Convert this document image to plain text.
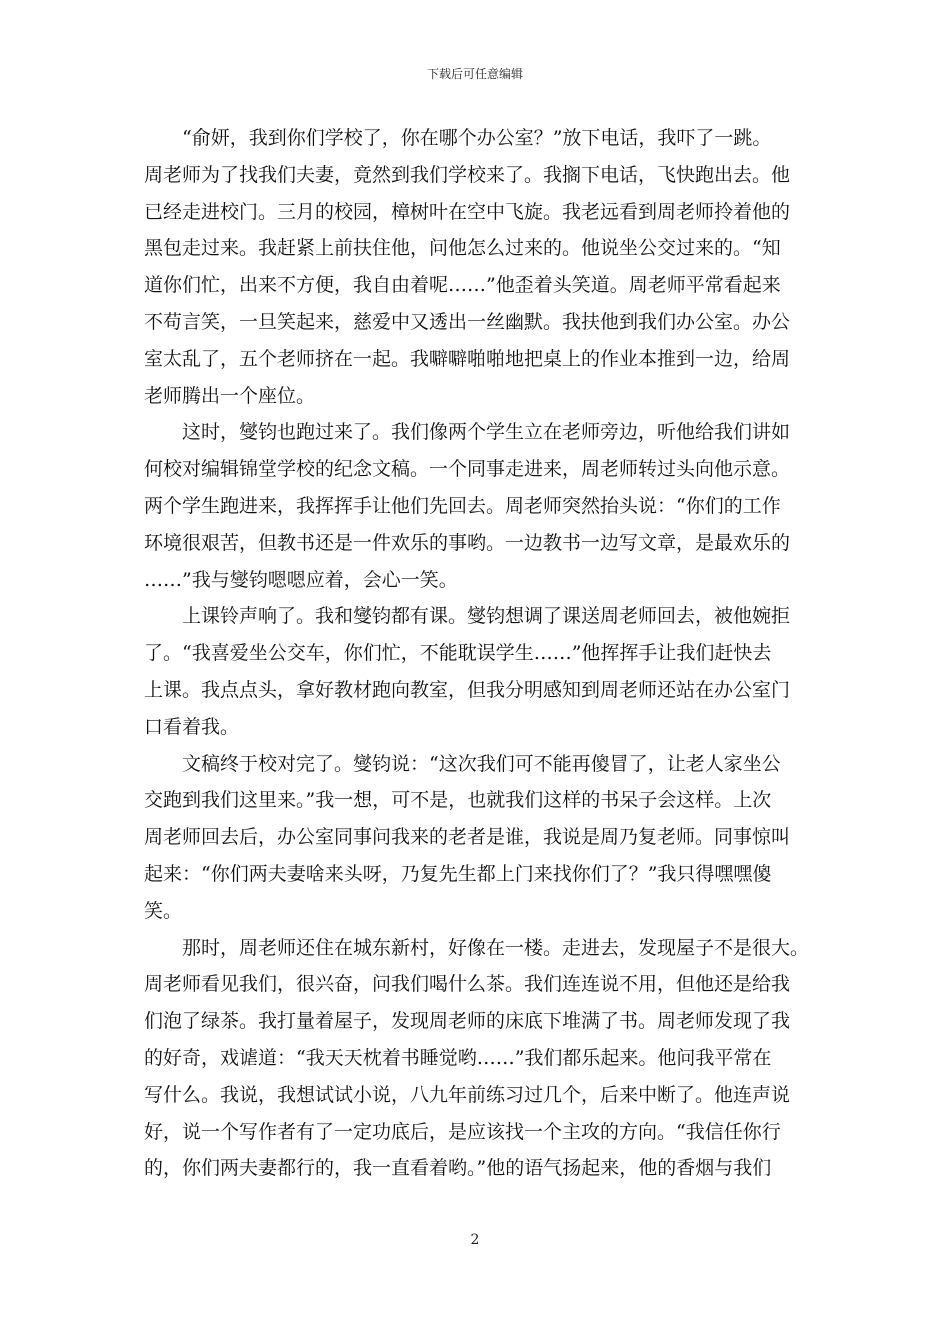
下载后可任意编辑
“俞妍，我到你们学校了，你在哪个办公室？”放下电话，我吓了一跳。
周老师为了找我们夫妻，竟然到我们学校来了。我搁下电话，飞快跑出去。他
已经走进校门。三月的校园，樟树叶在空中飞旋。我老远看到周老师拎着他的
黑包走过来。我赶紧上前扶住他，问他怎么过来的。他说坐公交过来的。“知
道你们忙，出来不方便，我自由着呢……”他歪着头笑道。周老师平常看起来
不苟言笑，一旦笑起来，慈爱中又透出一丝幽默。我扶他到我们办公室。办公
室太乱了，五个老师挤在一起。我噼噼啪啪地把桌上的作业本推到一边，给周
老师腾出一个座位。
这时，燮钧也跑过来了。我们像两个学生立在老师旁边，听他给我们讲如
何校对编辑锦堂学校的纪念文稿。一个同事走进来，周老师转过头向他示意。
两个学生跑进来，我挥挥手让他们先回去。周老师突然抬头说：“你们的工作
环境很艰苦，但教书还是一件欢乐的事哟。一边教书一边写文章，是最欢乐的
……”我与燮钧嗯嗯应着，会心一笑。
上课铃声响了。我和燮钧都有课。燮钧想调了课送周老师回去，被他婉拒
了。“我喜爱坐公交车，你们忙，不能耽误学生……”他挥挥手让我们赶快去
上课。我点点头，拿好教材跑向教室，但我分明感知到周老师还站在办公室门
口看着我。
文稿终于校对完了。燮钧说：“这次我们可不能再傻冒了，让老人家坐公
交跑到我们这里来。”我一想，可不是，也就我们这样的书呆子会这样。上次
周老师回去后，办公室同事问我来的老者是谁，我说是周乃复老师。同事惊叫
起来：“你们两夫妻啥来头呀，乃复先生都上门来找你们了？”我只得嘿嘿傻
笑。
那时，周老师还住在城东新村，好像在一楼。走进去，发现屋子不是很大。
周老师看见我们，很兴奋，问我们喝什么茶。我们连连说不用，但他还是给我
们泡了绿茶。我打量着屋子，发现周老师的床底下堆满了书。周老师发现了我
的好奇，戏谑道：“我天天枕着书睡觉哟……”我们都乐起来。他问我平常在
写什么。我说，我想试试小说，八九年前练习过几个，后来中断了。他连声说
好，说一个写作者有了一定功底后，是应该找一个主攻的方向。“我信任你行
的，你们两夫妻都行的，我一直看着哟。”他的语气扬起来，他的香烟与我们
2
